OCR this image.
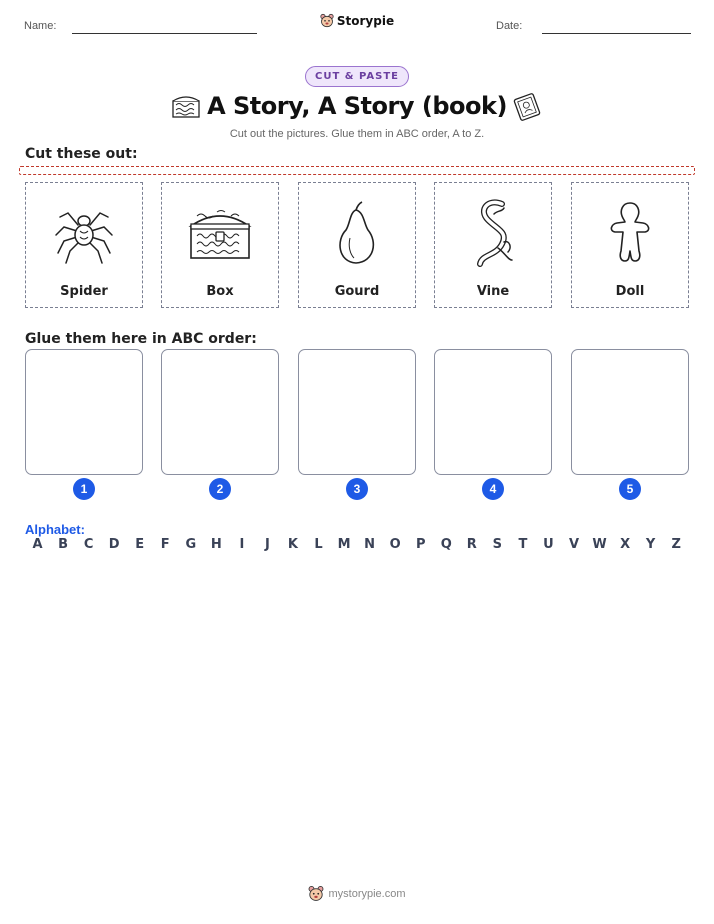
Name:	Storypie	Date:
CUT & PASTE
A Story, A Story (book)
Cut out the pictures. Glue them in ABC order, A to Z.
Cut these out:
Spider	Box	Gourd	Vine	Doll
Glue them here in ABC order:
1	2	3	4	5
Alphabet:
A	B	C	D	E	F	G	H	I	J	K	L	M	N	O	P	Q	R	S	T	U	V	W	X	Y	Z
mystorypie.com
